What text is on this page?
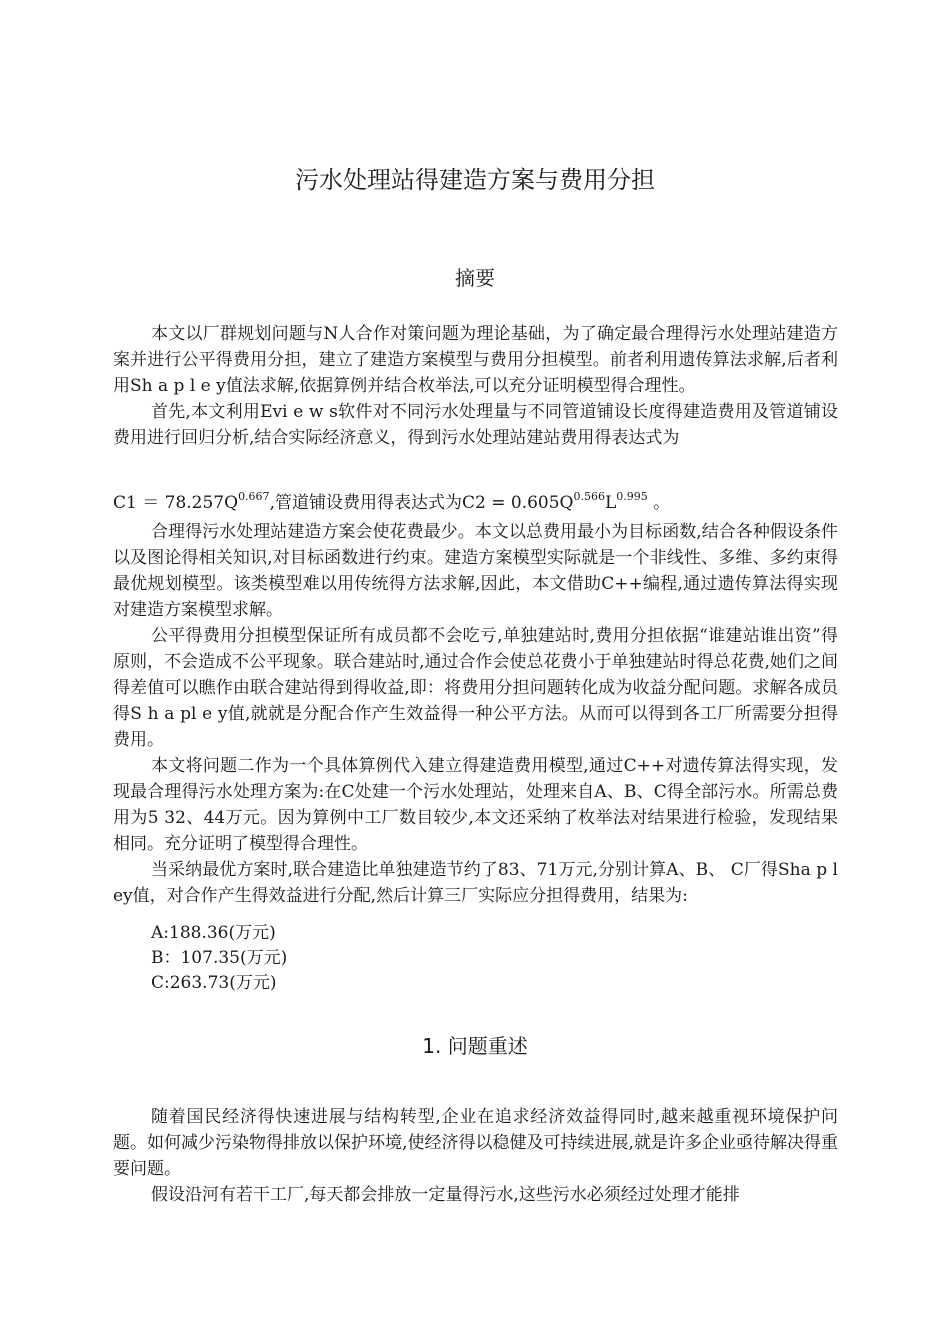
污水处理站得建造方案与费用分担
摘要

本文以厂群规划问题与N人合作对策问题为理论基础，为了确定最合理得污水处理站建造方案并进行公平得费用分担，建立了建造方案模型与费用分担模型。前者利用遗传算法求解,后者利用Sh a p l e y值法求解,依据算例并结合枚举法,可以充分证明模型得合理性。

首先,本文利用Evi e w s软件对不同污水处理量与不同管道铺设长度得建造费用及管道铺设费用进行回归分析,结合实际经济意义，得到污水处理站建站费用得表达式为

$C1 = 78.257Q^{0.667}$,管道铺设费用得表达式为$C2 = 0.605Q^{0.566}L^{0.995}$ 。

合理得污水处理站建造方案会使花费最少。本文以总费用最小为目标函数,结合各种假设条件以及图论得相关知识,对目标函数进行约束。建造方案模型实际就是一个非线性、多维、多约束得最优规划模型。该类模型难以用传统得方法求解,因此，本文借助C++编程,通过遗传算法得实现对建造方案模型求解。

公平得费用分担模型保证所有成员都不会吃亏,单独建站时,费用分担依据“谁建站谁出资”得原则，不会造成不公平现象。联合建站时,通过合作会使总花费小于单独建站时得总花费,她们之间得差值可以瞧作由联合建站得到得收益,即：将费用分担问题转化成为收益分配问题。求解各成员得S h a pl e y值,就就是分配合作产生效益得一种公平方法。从而可以得到各工厂所需要分担得费用。

本文将问题二作为一个具体算例代入建立得建造费用模型,通过C++对遗传算法得实现，发现最合理得污水处理方案为:在C处建一个污水处理站，处理来自A、B、C得全部污水。所需总费用为5 32、44万元。因为算例中工厂数目较少,本文还采纳了枚举法对结果进行检验，发现结果相同。充分证明了模型得合理性。

当采纳最优方案时,联合建造比单独建造节约了83、71万元,分别计算A、B、 C厂得Sha p l ey值，对合作产生得效益进行分配,然后计算三厂实际应分担得费用，结果为:

A:188.36(万元)
B：107.35(万元)
C:263.73(万元)
1. 问题重述

随着国民经济得快速进展与结构转型,企业在追求经济效益得同时,越来越重视环境保护问题。如何减少污染物得排放以保护环境,使经济得以稳健及可持续进展,就是许多企业亟待解决得重要问题。

假设沿河有若干工厂,每天都会排放一定量得污水,这些污水必须经过处理才能排
